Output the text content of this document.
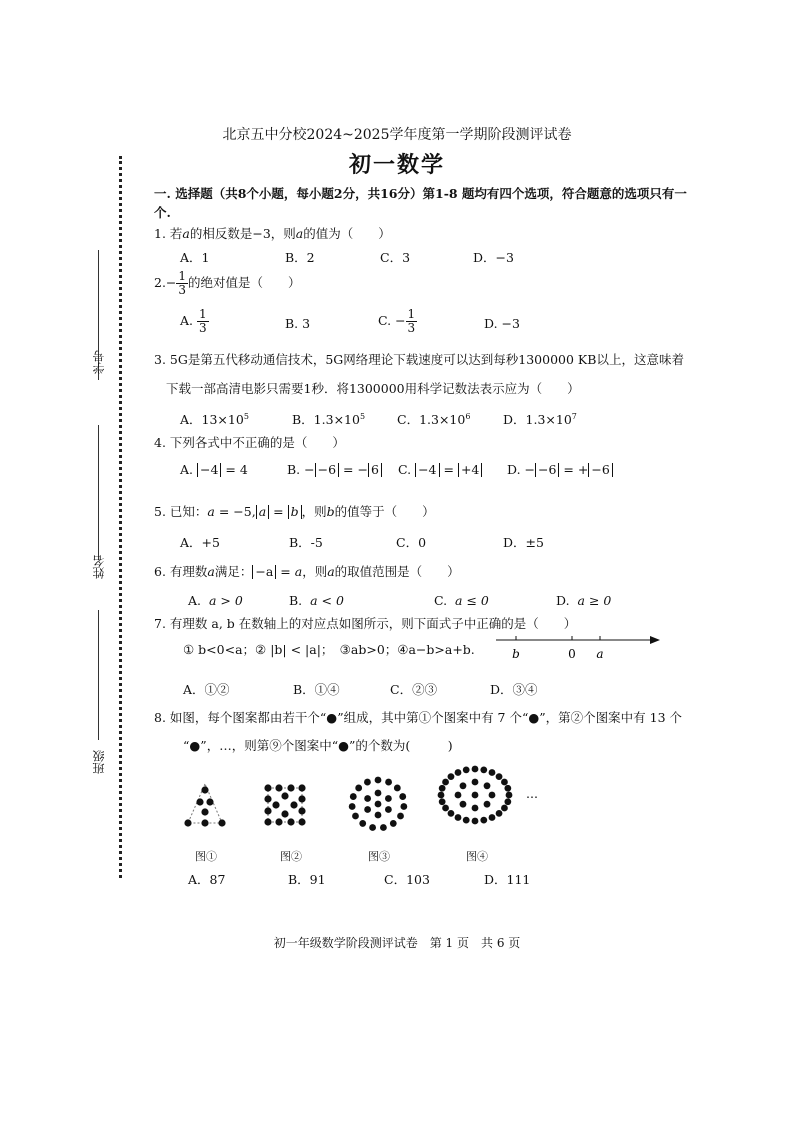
北京五中分校2024~2025学年度第一学期阶段测评试卷
初一数学
学号
姓名
班级
一. 选择题（共8个小题，每小题2分，共16分）第1-8 题均有四个选项，符合题意的选项只有一个.
1. 若a的相反数是−3，则a的值为（　　）
A．1	B．2	C．3	D．−3
$2.- \frac{1}{3}$ 的绝对值是（　　）
A. $\frac{1}{3}$	B. 3	C. − $\frac{1}{3}$	D. −3
3. 5G是第五代移动通信技术，5G网络理论下载速度可以达到每秒1300000 KB以上，这意味着
下载一部高清电影只需要1秒．将1300000用科学记数法表示应为（　　）
A．$13\times 10^5$	B．$1.3\times 10^5$	C．$1.3\times 10^6$	D．$1.3\times 10^7$
4. 下列各式中不正确的是（　　）
A. −4 = 4	B. − −6 = − 6 C. −4 = +4 D. − −6 = + −6
5. 已知：a = −5, a = b ，则b的值等于（　　）
A．+5	B．-5	C．0	D．±5
6. 有理数a满足： −a = a，则a的取值范围是（　　）
A. a > 0	B. a < 0	C. a ≤ 0	D. a ≥ 0
7. 有理数 a, b 在数轴上的对应点如图所示，则下面式子中正确的是（　　）
① b<0<a；② |b| < |a|；　③ab>0；④a−b>a+b.	b	0 a
A．①②	B．①④	C．②③	D．③④
8. 如图，每个图案都由若干个“●”组成，其中第①个图案中有 7 个“●”，第②个图案中有 13 个
“●”，…，则第⑨个图案中“●”的个数为(　　　)
…
图①	图②	图③	图④
A．87	B．91	C．103	D．111
初一年级数学阶段测评试卷　第 1 页　共 6 页
